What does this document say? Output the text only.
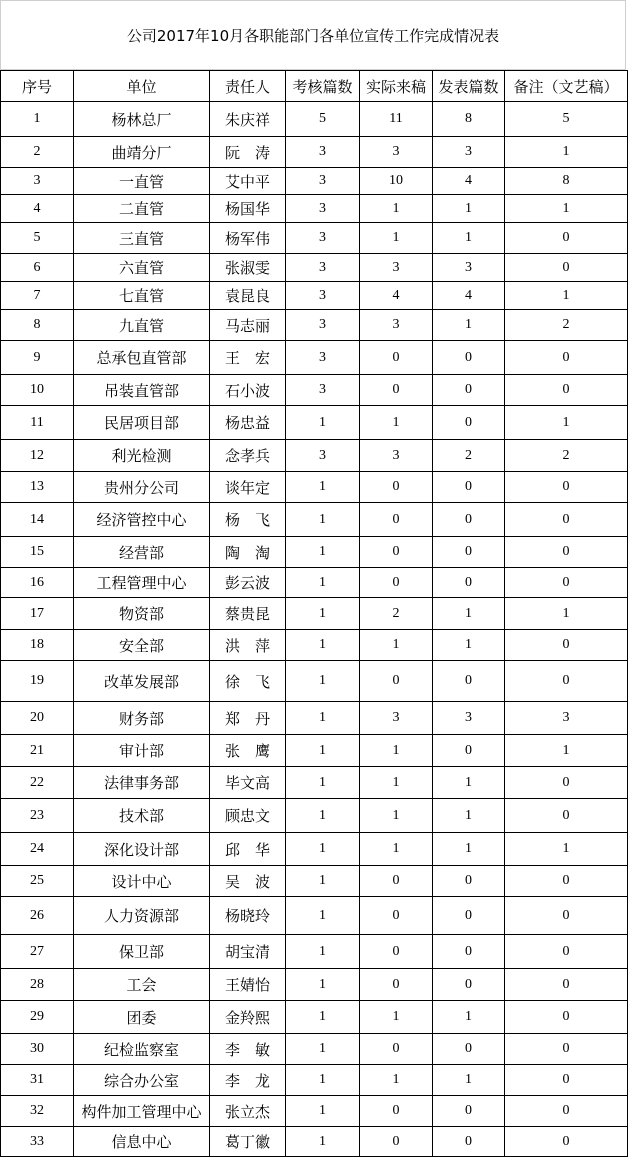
公司2017年10月各职能部门各单位宣传工作完成情况表
序号	单位	责任人	考核篇数	实际来稿	发表篇数	备注（文艺稿）
1	杨林总厂	朱庆祥	5	11	8	5
2	曲靖分厂	阮　涛	3	3	3	1
3	一直管	艾中平	3	10	4	8
4	二直管	杨国华	3	1	1	1
5	三直管	杨军伟	3	1	1	0
6	六直管	张淑雯	3	3	3	0
7	七直管	袁昆良	3	4	4	1
8	九直管	马志丽	3	3	1	2
9	总承包直管部	王　宏	3	0	0	0
10	吊装直管部	石小波	3	0	0	0
11	民居项目部	杨忠益	1	1	0	1
12	利光检测	念孝兵	3	3	2	2
13	贵州分公司	谈年定	1	0	0	0
14	经济管控中心	杨　飞	1	0	0	0
15	经营部	陶　淘	1	0	0	0
16	工程管理中心	彭云波	1	0	0	0
17	物资部	蔡贵昆	1	2	1	1
18	安全部	洪　萍	1	1	1	0
19	改革发展部	徐　飞	1	0	0	0
20	财务部	郑　丹	1	3	3	3
21	审计部	张　鹰	1	1	0	1
22	法律事务部	毕文高	1	1	1	0
23	技术部	顾忠文	1	1	1	0
24	深化设计部	邱　华	1	1	1	1
25	设计中心	吴　波	1	0	0	0
26	人力资源部	杨晓玲	1	0	0	0
27	保卫部	胡宝清	1	0	0	0
28	工会	王婧怡	1	0	0	0
29	团委	金羚熙	1	1	1	0
30	纪检监察室	李　敏	1	0	0	0
31	综合办公室	李　龙	1	1	1	0
32	构件加工管理中心	张立杰	1	0	0	0
33	信息中心	葛丁徽	1	0	0	0
